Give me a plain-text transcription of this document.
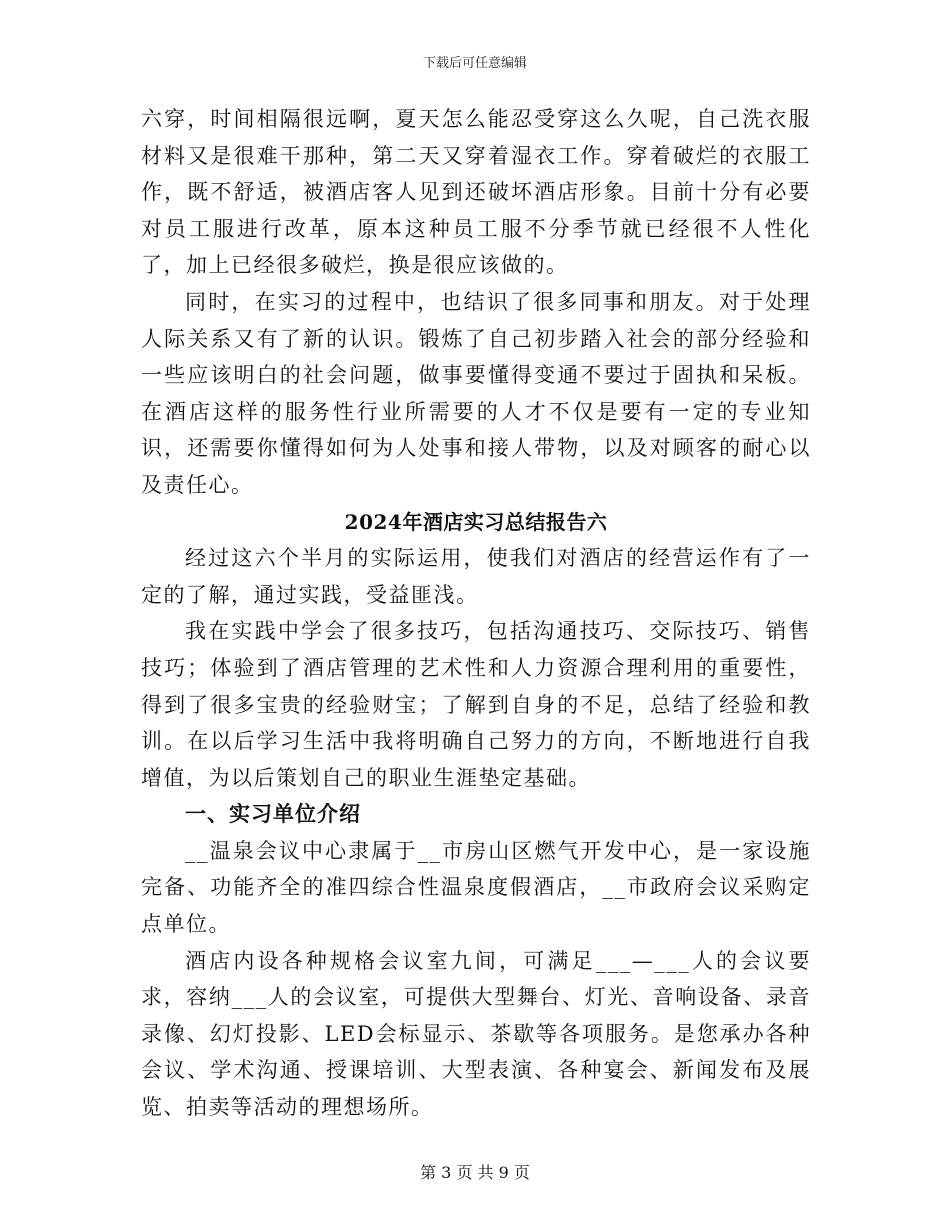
下载后可任意编辑

六穿，时间相隔很远啊，夏天怎么能忍受穿这么久呢，自己洗衣服材料又是很难干那种，第二天又穿着湿衣工作。穿着破烂的衣服工作，既不舒适，被酒店客人见到还破坏酒店形象。目前十分有必要对员工服进行改革，原本这种员工服不分季节就已经很不人性化了，加上已经很多破烂，换是很应该做的。

同时，在实习的过程中，也结识了很多同事和朋友。对于处理人际关系又有了新的认识。锻炼了自己初步踏入社会的部分经验和一些应该明白的社会问题，做事要懂得变通不要过于固执和呆板。在酒店这样的服务性行业所需要的人才不仅是要有一定的专业知识，还需要你懂得如何为人处事和接人带物，以及对顾客的耐心以及责任心。

2024年酒店实习总结报告六

经过这六个半月的实际运用，使我们对酒店的经营运作有了一定的了解，通过实践，受益匪浅。

我在实践中学会了很多技巧，包括沟通技巧、交际技巧、销售技巧；体验到了酒店管理的艺术性和人力资源合理利用的重要性，得到了很多宝贵的经验财宝；了解到自身的不足，总结了经验和教训。在以后学习生活中我将明确自己努力的方向，不断地进行自我增值，为以后策划自己的职业生涯垫定基础。

一、实习单位介绍

__温泉会议中心隶属于__市房山区燃气开发中心，是一家设施完备、功能齐全的准四综合性温泉度假酒店，__市政府会议采购定点单位。

酒店内设各种规格会议室九间，可满足___—___人的会议要求，容纳___人的会议室，可提供大型舞台、灯光、音响设备、录音录像、幻灯投影、LED会标显示、茶歇等各项服务。是您承办各种会议、学术沟通、授课培训、大型表演、各种宴会、新闻发布及展览、拍卖等活动的理想场所。

第 3 页 共 9 页
